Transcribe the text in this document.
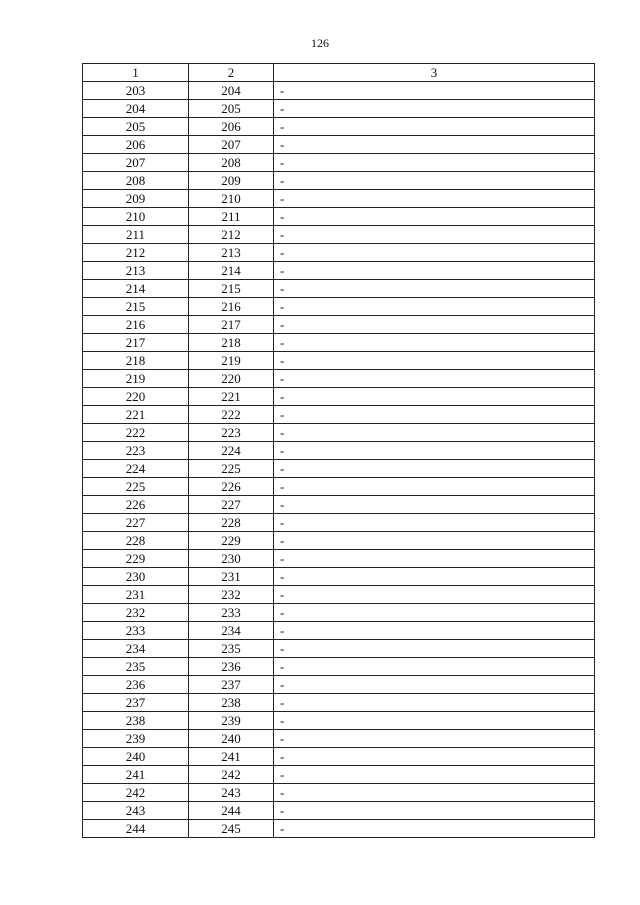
126
1	2	3
203	204	-
204	205	-
205	206	-
206	207	-
207	208	-
208	209	-
209	210	-
210	211	-
211	212	-
212	213	-
213	214	-
214	215	-
215	216	-
216	217	-
217	218	-
218	219	-
219	220	-
220	221	-
221	222	-
222	223	-
223	224	-
224	225	-
225	226	-
226	227	-
227	228	-
228	229	-
229	230	-
230	231	-
231	232	-
232	233	-
233	234	-
234	235	-
235	236	-
236	237	-
237	238	-
238	239	-
239	240	-
240	241	-
241	242	-
242	243	-
243	244	-
244	245	-
